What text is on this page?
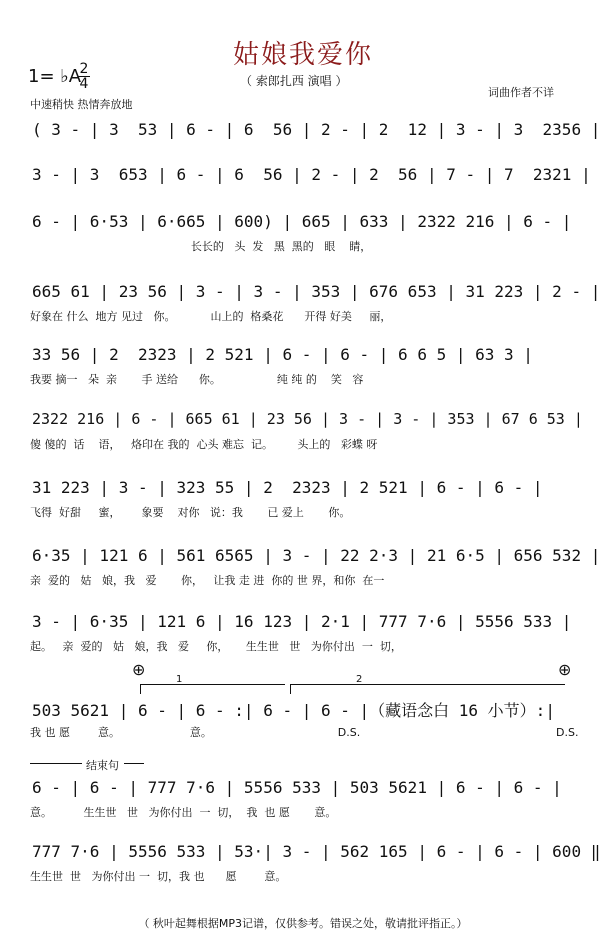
姑娘我爱你
1= ♭A
2
4	（ 索郎扎西 演唱 ）
词曲作者不详
中速稍快 热情奔放地
( 3 - | 3  53 | 6 - | 6  56 | 2 - | 2  12 | 3 - | 3  2356 |
3 - | 3  653 | 6 - | 6  56 | 2 - | 2  56 | 7 - | 7  2321 |
6 - | 6·53 | 6·665 | 600) | 665 | 633 | 2322 216 | 6 - |
长长的   头  发   黑  黑的   眼    睛，
665 61 | 23 56 | 3 - | 3 - | 353 | 676 653 | 31 223 | 2 - |
好象在 什么  地方 见过   你。          山上的  格桑花      开得 好美     丽，
33 56 | 2  2323 | 2 521 | 6 - | 6 - | 6 6 5 | 63 3 |
我要 摘一   朵  亲       手 送给      你。                纯 纯 的    笑   容
2322 216 | 6 - | 665 61 | 23 56 | 3 - | 3 - | 353 | 67 6 53 |
傻 傻的  话    语，   烙印在 我的  心头 难忘  记。       头上的   彩蝶 呀
31 223 | 3 - | 323 55 | 2  2323 | 2 521 | 6 - | 6 - |
飞得  好甜     蜜，      象要    对你   说：我       已 爱上       你。
6·35 | 121 6 | 561 6565 | 3 - | 22 2·3 | 21 6·5 | 656 532 |
亲  爱的   姑   娘，我   爱       你，   让我 走 进  你的 世 界，和你  在一
3 - | 6·35 | 121 6 | 16 123 | 2·1 | 777 7·6 | 5556 533 |
起。   亲  爱的   姑   娘，我   爱     你，     生生世   世   为你付出  一  切，
503 5621 | 6 - | 6 - :| 6 - | 6 - |（藏语念白 16 小节）:|
我 也 愿        意。                    意。                                    D.S.
6 - | 6 - | 777 7·6 | 5556 533 | 503 5621 | 6 - | 6 - |
意。         生生世   世   为你付出  一  切，  我  也 愿       意。
777 7·6 | 5556 533 | 53·| 3 - | 562 165 | 6 - | 6 - | 600 ‖
生生世  世   为你付出 一  切，我 也      愿        意。
1	2
⊕	⊕
D.S.
结束句
（ 秋叶起舞根据MP3记谱，仅供参考。错误之处，敬请批评指正。）
